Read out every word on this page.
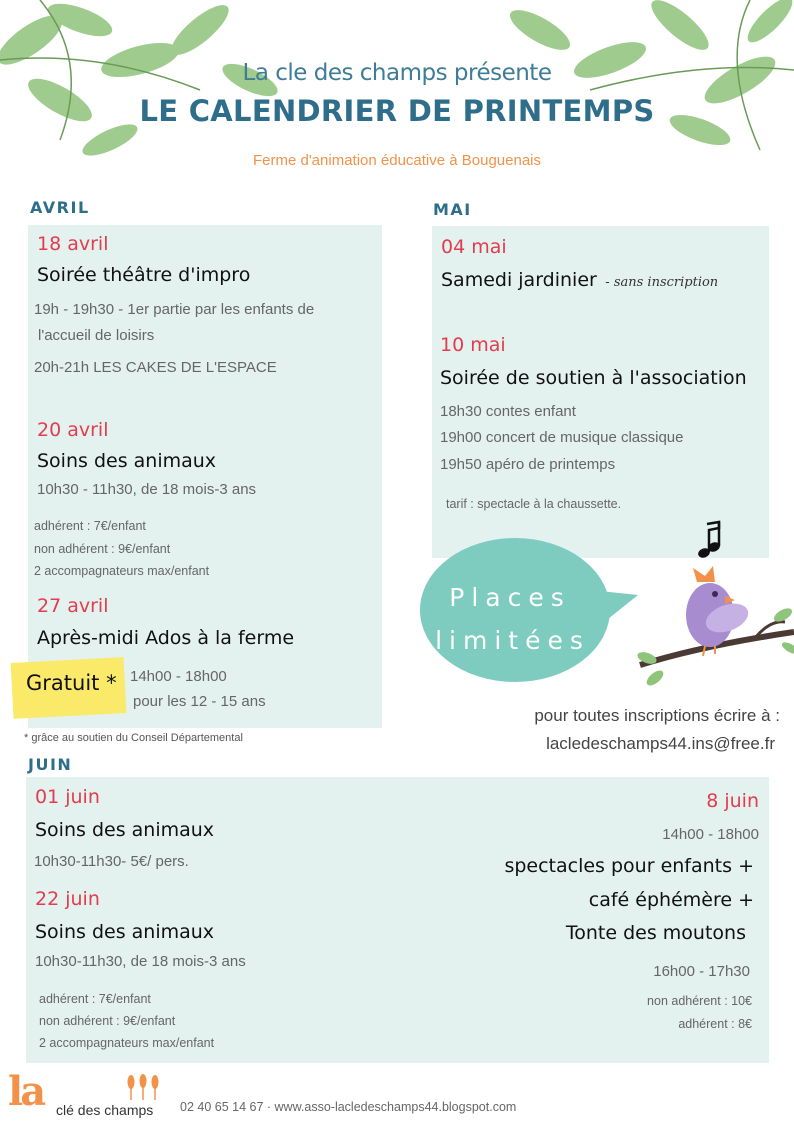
La cle des champs présente
LE CALENDRIER DE PRINTEMPS
Ferme d'animation éducative à Bouguenais
AVRIL
18 avril
Soirée théâtre d'impro
19h - 19h30 - 1er partie par les enfants de
l'accueil de loisirs
20h-21h LES CAKES DE L'ESPACE
20 avril
Soins des animaux
10h30 - 11h30, de 18 mois-3 ans
adhérent : 7€/enfant
non adhérent : 9€/enfant
2 accompagnateurs max/enfant
27 avril
Après-midi Ados à la ferme
14h00 - 18h00
pour les 12 - 15 ans
Gratuit *
* grâce au soutien du Conseil Départemental
MAI
04 mai
Samedi jardinier - sans inscription
10 mai
Soirée de soutien à l'association
18h30 contes enfant
19h00 concert de musique classique
19h50 apéro de printemps
tarif : spectacle à la chaussette.
Places
limitées
pour toutes inscriptions écrire à :
lacledeschamps44.ins@free.fr
JUIN
01 juin
Soins des animaux
10h30-11h30- 5€/ pers.
22 juin
Soins des animaux
10h30-11h30, de 18 mois-3 ans
adhérent : 7€/enfant
non adhérent : 9€/enfant
2 accompagnateurs max/enfant
8 juin
14h00 - 18h00
spectacles pour enfants +
café éphémère +
Tonte des moutons
16h00 - 17h30
non adhérent : 10€
adhérent : 8€
la clé des champs 02 40 65 14 67 · www.asso-lacledeschamps44.blogspot.com
